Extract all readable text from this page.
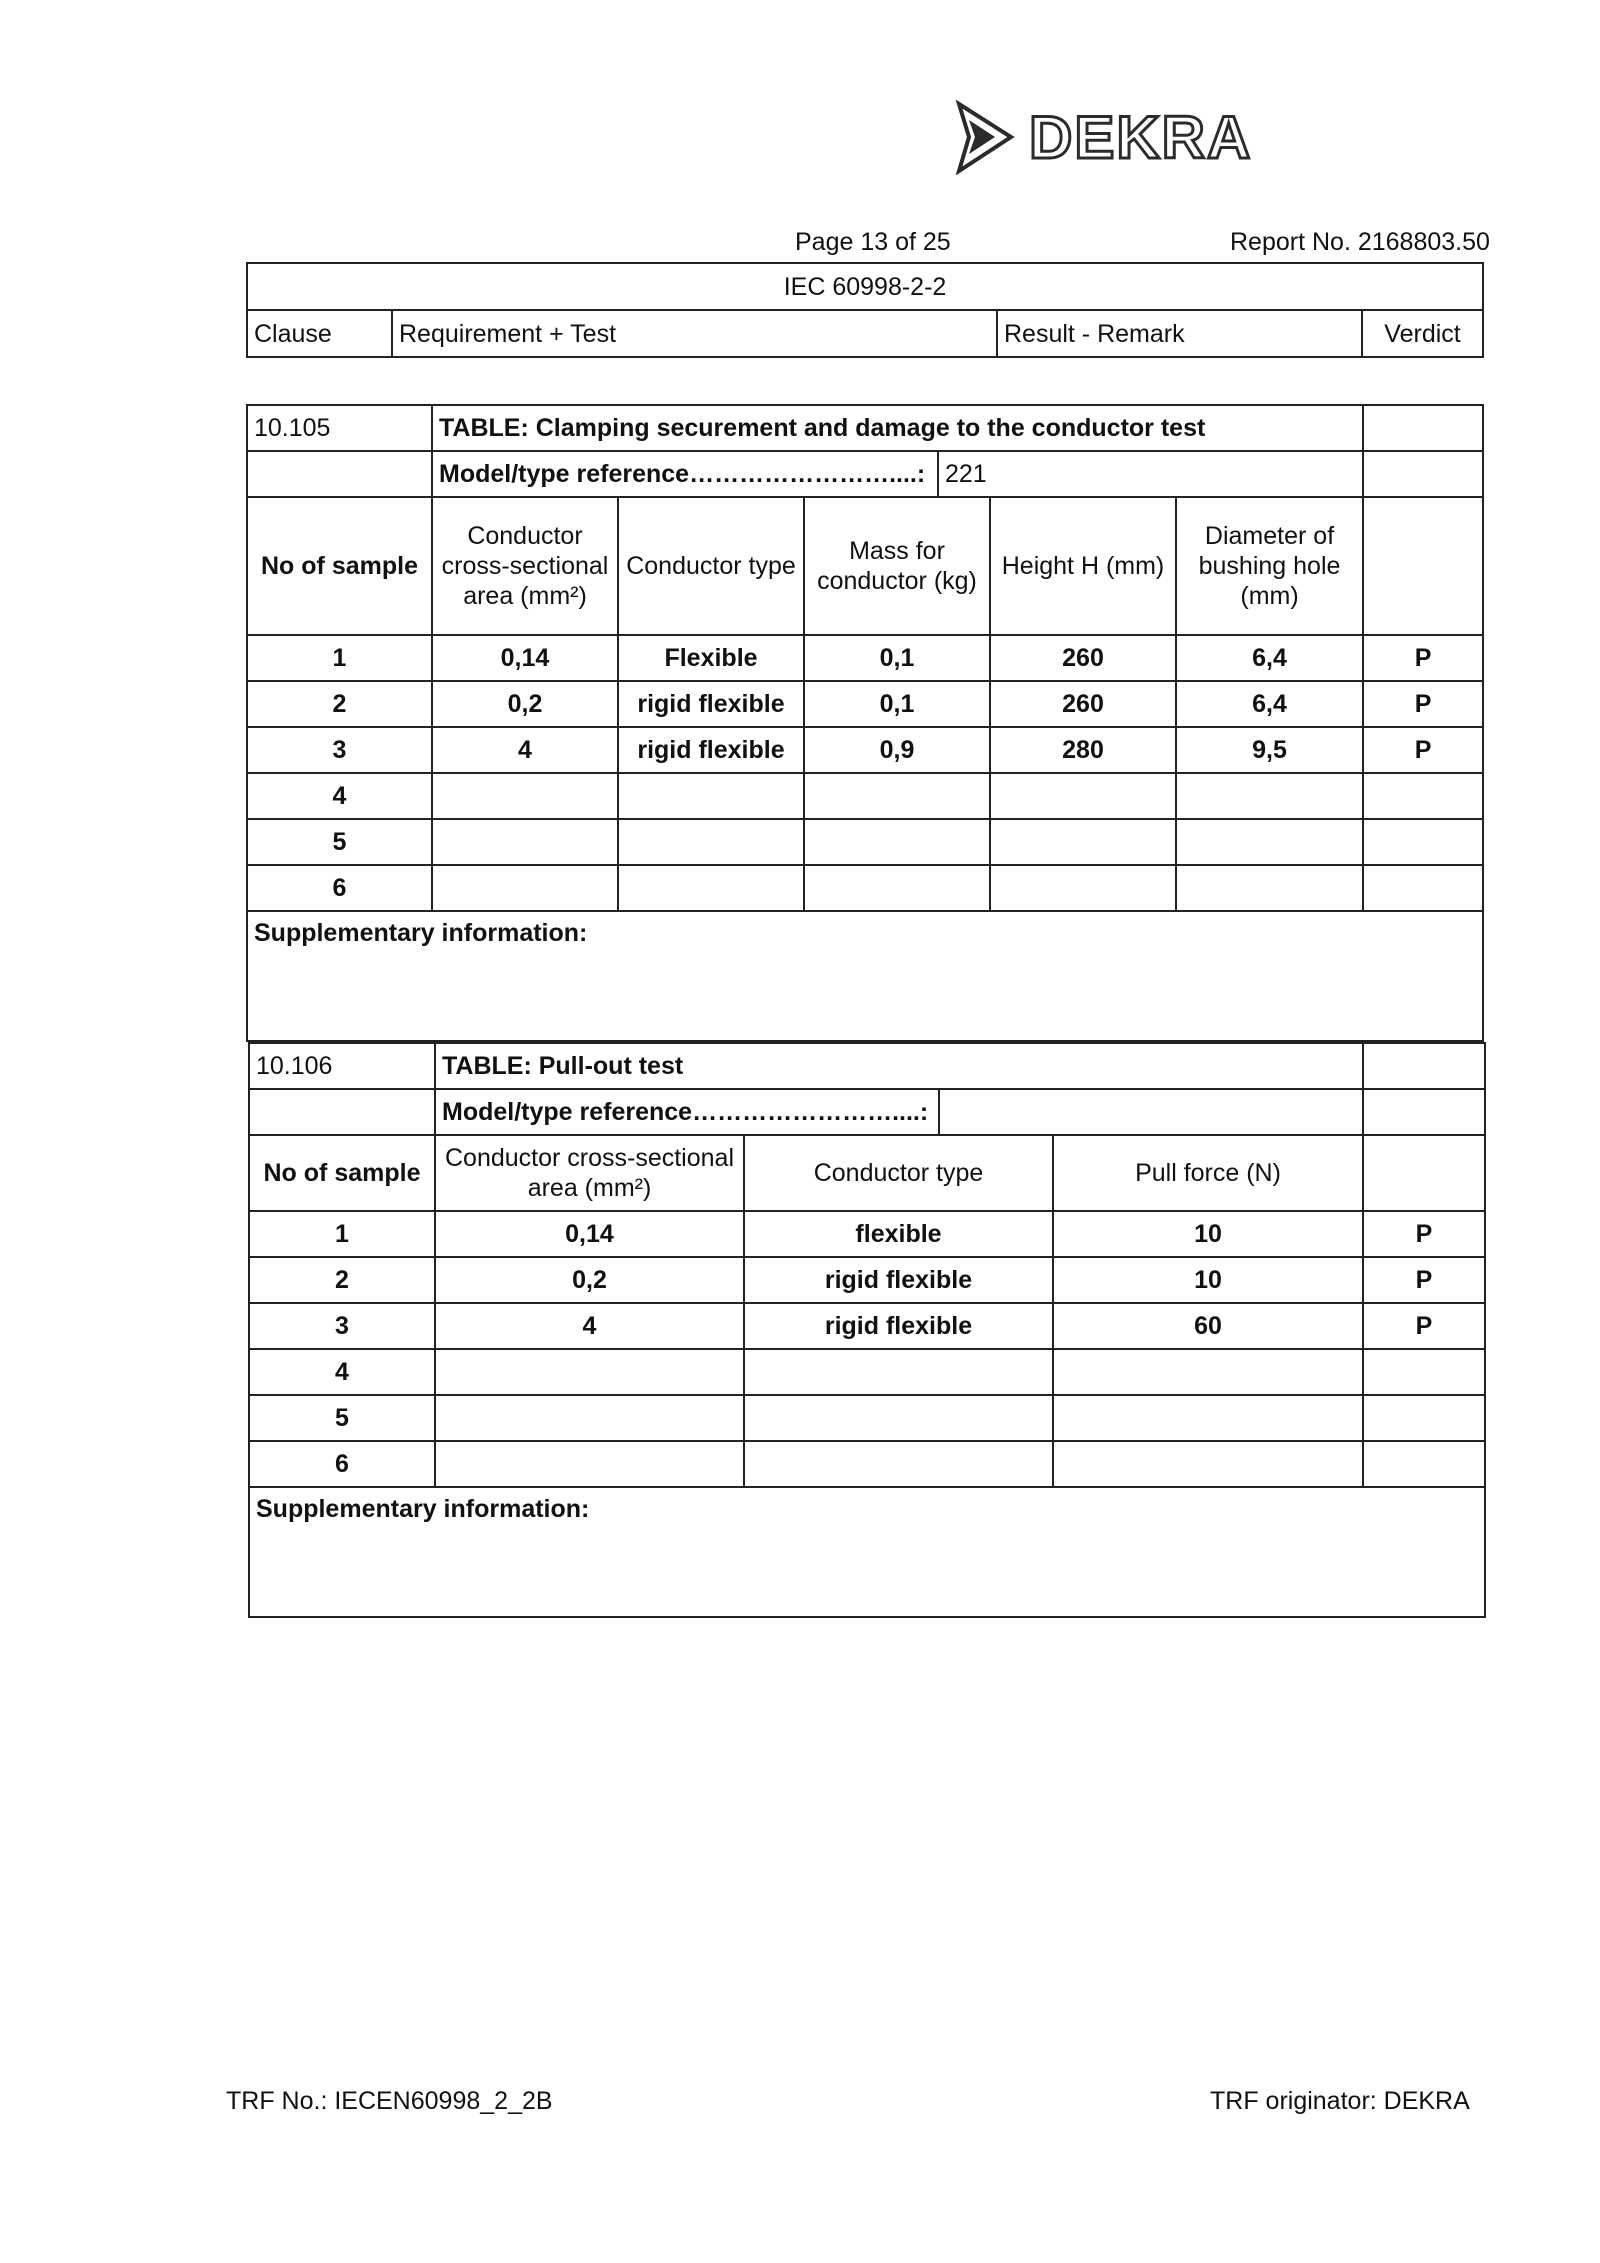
DEKRA
Page 13 of 25	Report No. 2168803.50
IEC 60998-2-2
Clause	Requirement + Test	Result - Remark	Verdict
10.105	TABLE: Clamping securement and damage to the conductor test					

Model/type reference……………………....: 221					

No of sample	Conductor cross-sectional area (mm²)	Conductor type	Mass for conductor (kg)	Height H (mm)	Diameter of bushing hole (mm)	
1	0,14	Flexible	0,1	260	6,4	P
2	0,2	rigid flexible	0,1	260	6,4	P
3	4	rigid flexible	0,9	280	9,5	P
4						
5						
6						
Supplementary information:						
10.106	TABLE: Pull-out test			

Model/type reference……………………....:			

No of sample	Conductor cross-sectional area (mm²)	Conductor type	Pull force (N)	
1	0,14	flexible	10	P
2	0,2	rigid flexible	10	P
3	4	rigid flexible	60	P
4				
5				
6				
Supplementary information:				
TRF No.: IECEN60998_2_2B	TRF originator: DEKRA
